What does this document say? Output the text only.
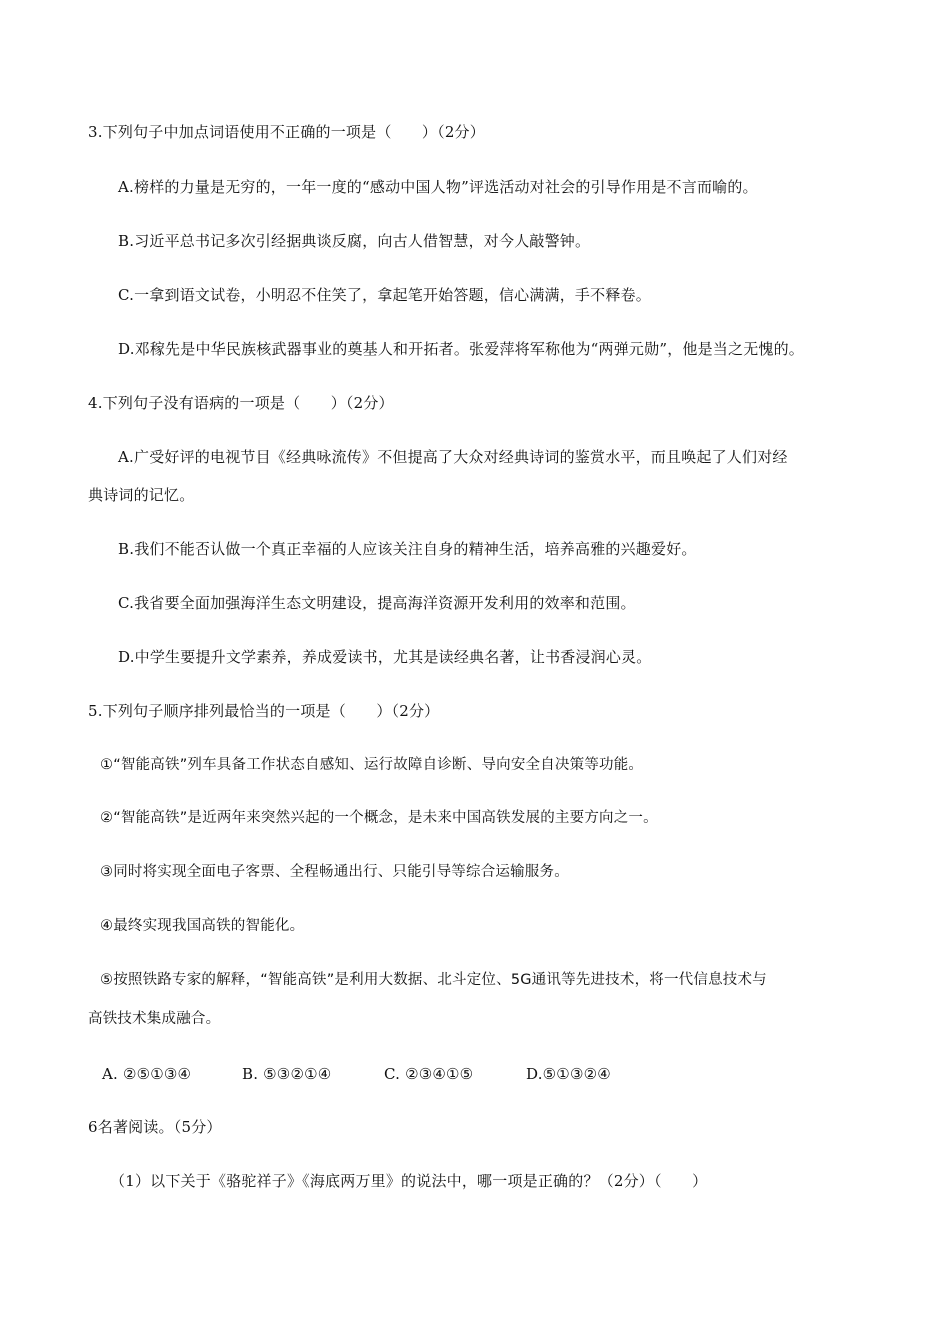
3.下列句子中加点词语使用不正确的一项是（　　）（2分）
A.榜样的力量是无穷的，一年一度的“感动中国人物”评选活动对社会的引导作用是不言而喻的。
B.习近平总书记多次引经据典谈反腐，向古人借智慧，对今人敲警钟。
C.一拿到语文试卷，小明忍不住笑了，拿起笔开始答题，信心满满，手不释卷。
D.邓稼先是中华民族核武器事业的奠基人和开拓者。张爱萍将军称他为“两弹元勋”，他是当之无愧的。
4.下列句子没有语病的一项是（　　）（2分）
A.广受好评的电视节目《经典咏流传》不但提高了大众对经典诗词的鉴赏水平，而且唤起了人们对经
典诗词的记忆。
B.我们不能否认做一个真正幸福的人应该关注自身的精神生活，培养高雅的兴趣爱好。
C.我省要全面加强海洋生态文明建设，提高海洋资源开发利用的效率和范围。
D.中学生要提升文学素养，养成爱读书，尤其是读经典名著，让书香浸润心灵。
5.下列句子顺序排列最恰当的一项是（　　）（2分）
①“智能高铁”列车具备工作状态自感知、运行故障自诊断、导向安全自决策等功能。
②“智能高铁”是近两年来突然兴起的一个概念，是未来中国高铁发展的主要方向之一。
③同时将实现全面电子客票、全程畅通出行、只能引导等综合运输服务。
④最终实现我国高铁的智能化。
⑤按照铁路专家的解释，“智能高铁”是利用大数据、北斗定位、5G通讯等先进技术，将一代信息技术与
高铁技术集成融合。
A. ②⑤①③④	B. ⑤③②①④	C. ②③④①⑤	D.⑤①③②④
6名著阅读。（5分）
（1）以下关于《骆驼祥子》《海底两万里》的说法中，哪一项是正确的？（2分）（　　）
